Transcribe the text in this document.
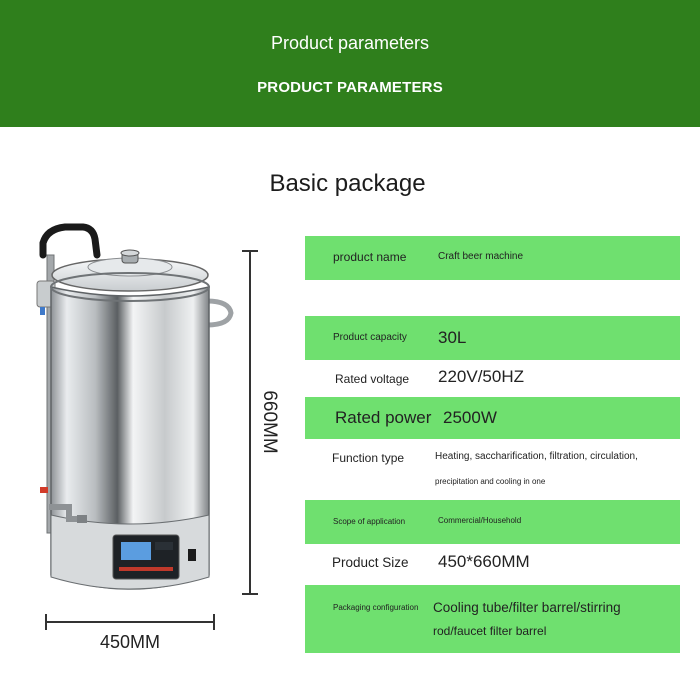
Product parameters
PRODUCT PARAMETERS
Basic package
660MM
450MM
product name	Craft beer machine
Product capacity 30L
Rated voltage 220V/50HZ
Rated power 2500W
Function type	Heating, saccharification, filtration, circulation,
precipitation and cooling in one
Scope of application	Commercial/Household
Product Size 450*660MM
Packaging configuration Cooling tube/filter barrel/stirring
rod/faucet filter barrel
